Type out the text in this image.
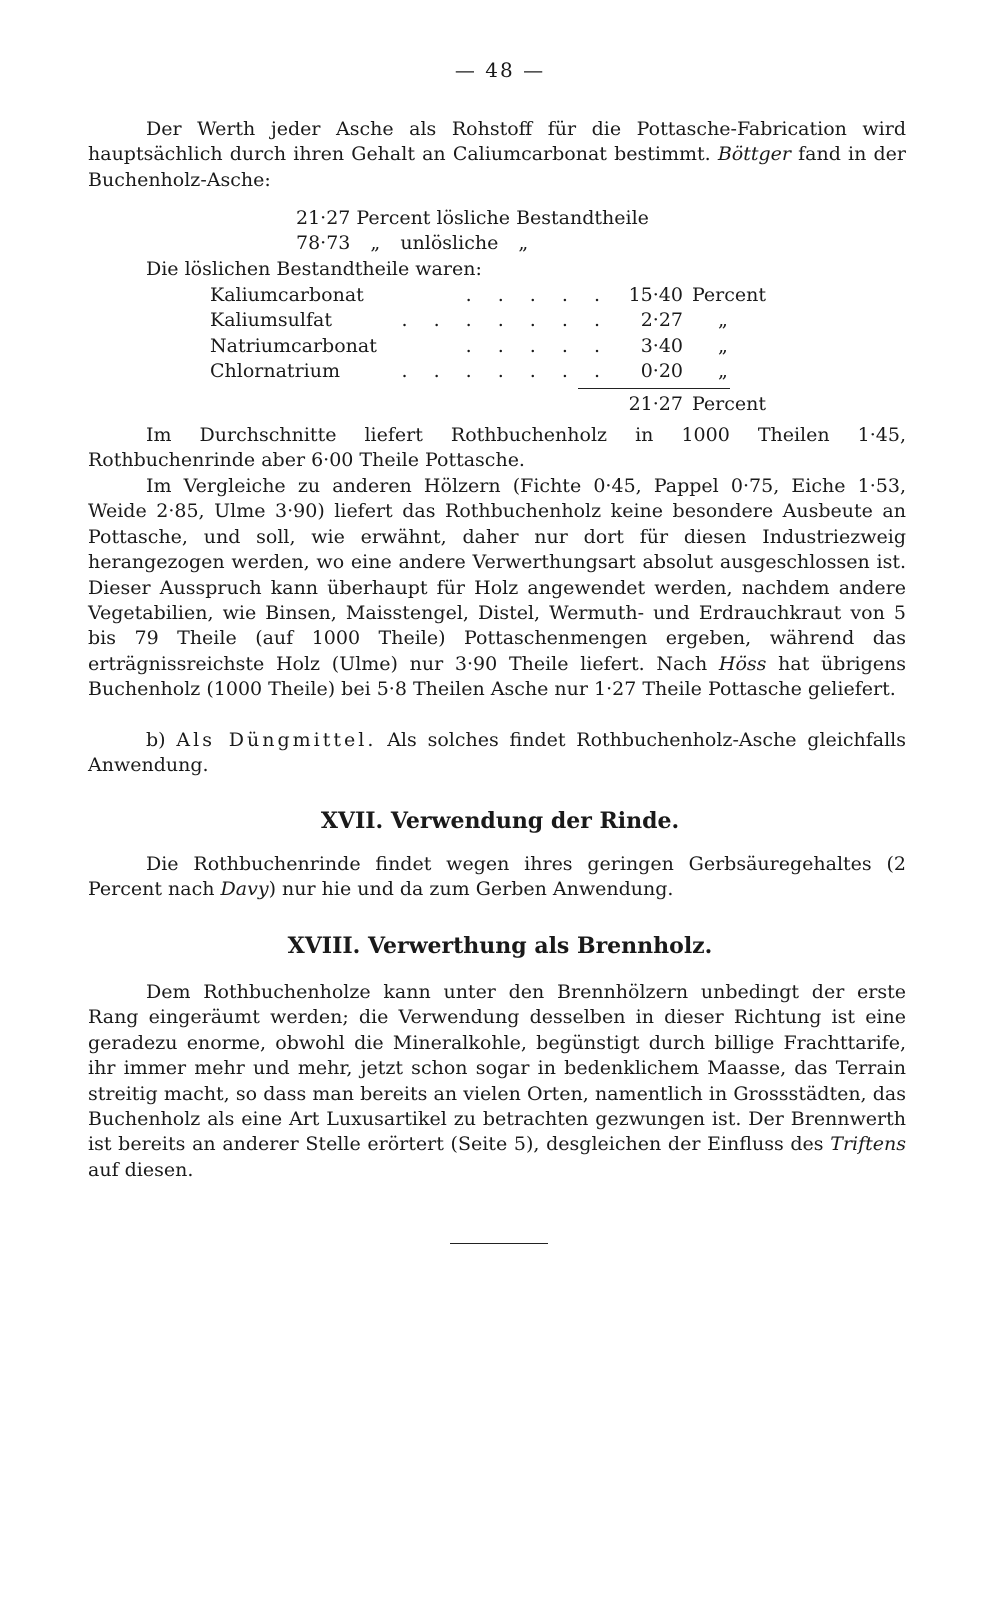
— 48 —

Der Werth jeder Asche als Rohstoff für die Pottasche-Fabrication wird hauptsächlich durch ihren Gehalt an Caliumcarbonat bestimmt. Böttger fand in der Buchenholz-Asche:

21·27 Percent lösliche Bestandtheile
78·73 „ unlösliche „
Die löslichen Bestandtheile waren:
Kaliumcarbonat	. . . . . 15·40 Percent
Kaliumsulfat	. . . . . . .	2·27 „
Natriumcarbonat	. . . . .	3·40 „
Chlornatrium	. . . . . . .	0·20 „
21·27 Percent

Im Durchschnitte liefert Rothbuchenholz in 1000 Theilen 1·45, Rothbuchenrinde aber 6·00 Theile Pottasche.

Im Vergleiche zu anderen Hölzern (Fichte 0·45, Pappel 0·75, Eiche 1·53, Weide 2·85, Ulme 3·90) liefert das Rothbuchenholz keine besondere Ausbeute an Pottasche, und soll, wie erwähnt, daher nur dort für diesen Industriezweig herangezogen werden, wo eine andere Verwerthungsart absolut ausgeschlossen ist. Dieser Ausspruch kann überhaupt für Holz angewendet werden, nachdem andere Vegetabilien, wie Binsen, Maisstengel, Distel, Wermuth- und Erdrauchkraut von 5 bis 79 Theile (auf 1000 Theile) Pottaschenmengen ergeben, während das erträgnissreichste Holz (Ulme) nur 3·90 Theile liefert. Nach Höss hat übrigens Buchenholz (1000 Theile) bei 5·8 Theilen Asche nur 1·27 Theile Pottasche geliefert.

b) Als Düngmittel. Als solches findet Rothbuchenholz-Asche gleichfalls Anwendung.

XVII. Verwendung der Rinde.

Die Rothbuchenrinde findet wegen ihres geringen Gerbsäuregehaltes (2 Percent nach Davy) nur hie und da zum Gerben Anwendung.

XVIII. Verwerthung als Brennholz.

Dem Rothbuchenholze kann unter den Brennhölzern unbedingt der erste Rang eingeräumt werden; die Verwendung desselben in dieser Richtung ist eine geradezu enorme, obwohl die Mineralkohle, begünstigt durch billige Frachttarife, ihr immer mehr und mehr, jetzt schon sogar in bedenklichem Maasse, das Terrain streitig macht, so dass man bereits an vielen Orten, namentlich in Grossstädten, das Buchenholz als eine Art Luxusartikel zu betrachten gezwungen ist. Der Brennwerth ist bereits an anderer Stelle erörtert (Seite 5), desgleichen der Einfluss des Triftens auf diesen.
